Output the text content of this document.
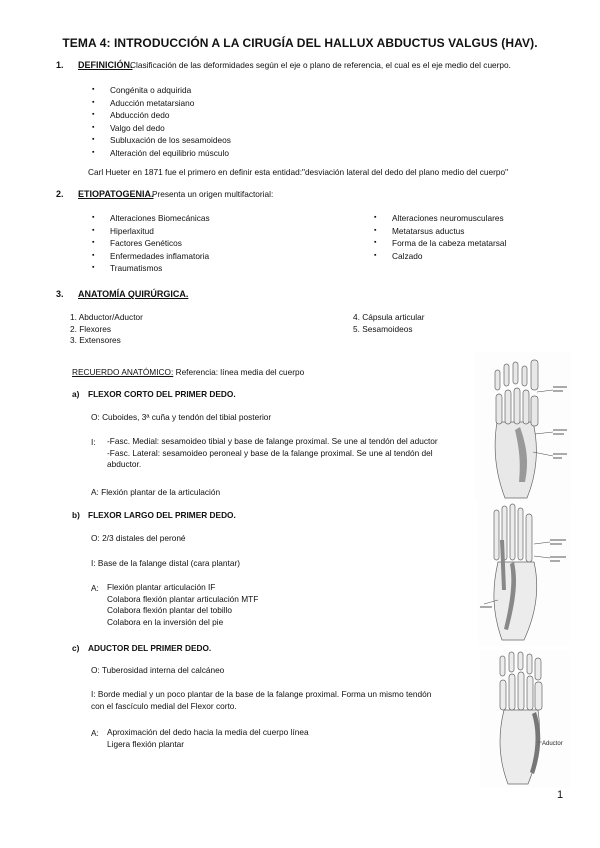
TEMA 4: INTRODUCCIÓN A LA CIRUGÍA DEL HALLUX ABDUCTUS VALGUS (HAV).
1. DEFINICIÓN.
Clasificación de las deformidades según el eje o plano de referencia, el cual es el eje medio del cuerpo.
▪ Congénita o adquirida
▪ Aducción metatarsiano
▪ Abducción dedo
▪ Valgo del dedo
▪ Subluxación de los sesamoideos
▪ Alteración del equilibrio músculo
Carl Hueter en 1871 fue el primero en definir esta entidad:"desviación lateral del dedo del plano medio del cuerpo"
2. ETIOPATOGENIA.
Presenta un origen multifactorial:
▪ Alteraciones Biomecánicas
▪ Hiperlaxitud
▪ Factores Genéticos
▪ Enfermedades inflamatoria
▪ Traumatismos
▪ Alteraciones neuromusculares
▪ Metatarsus aductus
▪ Forma de la cabeza metatarsal
▪ Calzado
3. ANATOMÍA QUIRÚRGICA.
1. Abductor/Aductor
2. Flexores
3. Extensores
4. Cápsula articular
5. Sesamoideos
RECUERDO ANATÓMICO: Referencia: línea media del cuerpo
a) FLEXOR CORTO DEL PRIMER DEDO.
O: Cuboides, 3ª cuña y tendón del tibial posterior
I: -Fasc. Medial: sesamoideo tibial y base de falange proximal. Se une al tendón del aductor
-Fasc. Lateral: sesamoideo peroneal y base de la falange proximal. Se une al tendón del
abductor.
A: Flexión plantar de la articulación
b) FLEXOR LARGO DEL PRIMER DEDO.
O: 2/3 distales del peroné
I: Base de la falange distal (cara plantar)
A: Flexión plantar articulación IF
Colabora flexión plantar articulación MTF
Colabora flexión plantar del tobillo
Colabora en la inversión del pie
c) ADUCTOR DEL PRIMER DEDO.
O: Tuberosidad interna del calcáneo
I: Borde medial y un poco plantar de la base de la falange proximal. Forma un mismo tendón
con el fascículo medial del Flexor corto.
A: Aproximación del dedo hacia la media del cuerpo línea
Ligera flexión plantar	Aductor
1
